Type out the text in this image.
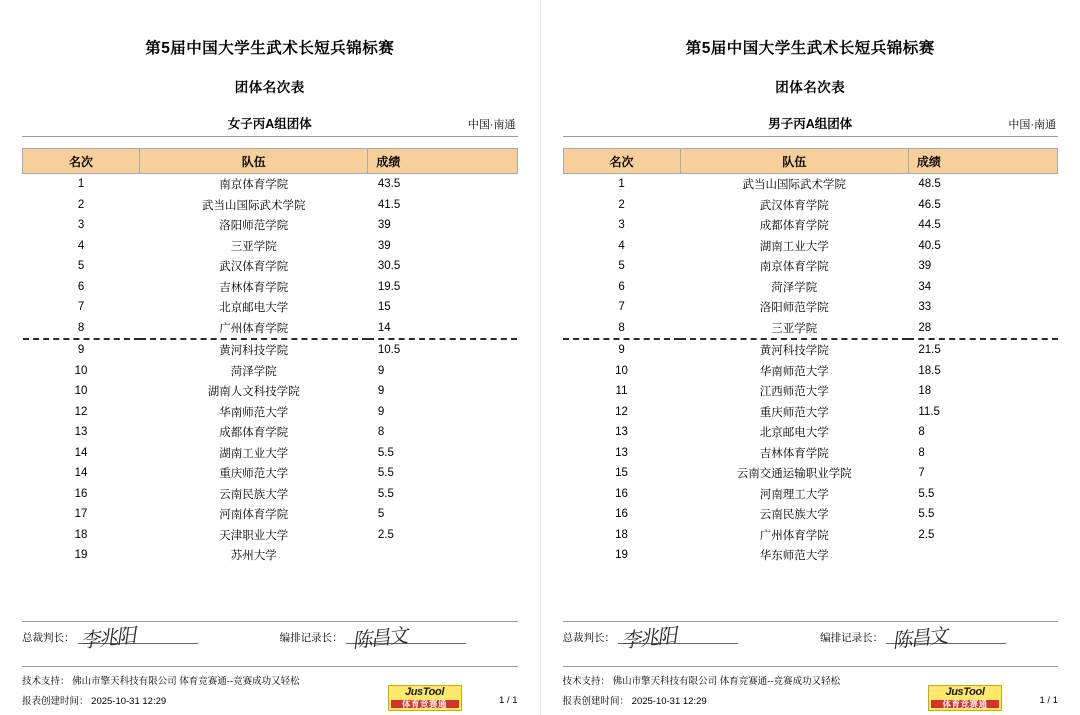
第5届中国大学生武术长短兵锦标赛
团体名次表
女子丙A组团体	中国·南通
名次	队伍	成绩
1	南京体育学院	43.5
2	武当山国际武术学院	41.5
3	洛阳师范学院	39
4	三亚学院	39
5	武汉体育学院	30.5
6	吉林体育学院	19.5
7	北京邮电大学	15
8	广州体育学院	14
9	黄河科技学院	10.5
10	菏泽学院	9
10	湖南人文科技学院	9
12	华南师范大学	9
13	成都体育学院	8
14	湖南工业大学	5.5
14	重庆师范大学	5.5
16	云南民族大学	5.5
17	河南体育学院	5
18	天津职业大学	2.5
19	苏州大学	
总裁判长： 李兆阳	编排记录长： 陈昌文
技术支持： 佛山市擎天科技有限公司 体育竞赛通--竞赛成功又轻松
报表创建时间： 2025-10-31 12:29
JusTool
体育竞赛通	1 / 1
第5届中国大学生武术长短兵锦标赛
团体名次表
男子丙A组团体	中国·南通
名次	队伍	成绩
1	武当山国际武术学院	48.5
2	武汉体育学院	46.5
3	成都体育学院	44.5
4	湖南工业大学	40.5
5	南京体育学院	39
6	菏泽学院	34
7	洛阳师范学院	33
8	三亚学院	28
9	黄河科技学院	21.5
10	华南师范大学	18.5
11	江西师范大学	18
12	重庆师范大学	11.5
13	北京邮电大学	8
13	吉林体育学院	8
15	云南交通运输职业学院	7
16	河南理工大学	5.5
16	云南民族大学	5.5
18	广州体育学院	2.5
19	华东师范大学	
总裁判长： 李兆阳	编排记录长： 陈昌文
技术支持： 佛山市擎天科技有限公司 体育竞赛通--竞赛成功又轻松
报表创建时间： 2025-10-31 12:29
JusTool
体育竞赛通	1 / 1
